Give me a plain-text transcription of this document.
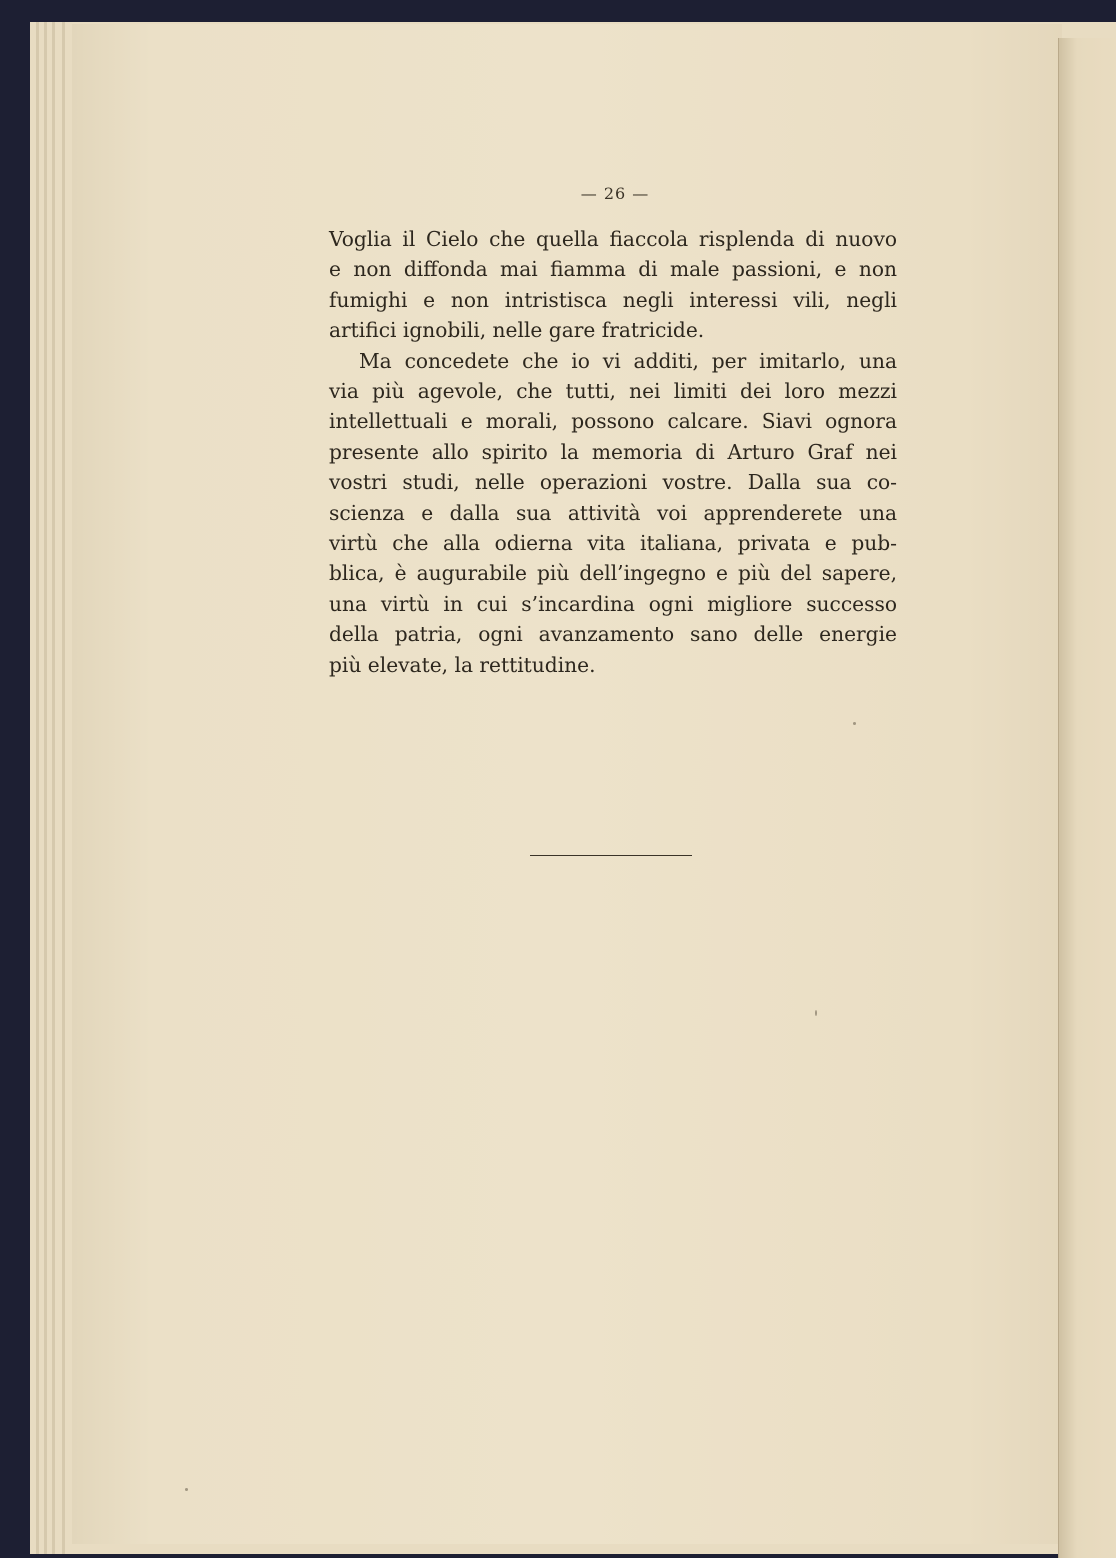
— 26 —

Voglia il Cielo che quella fiaccola risplenda di nuovo
e non diffonda mai fiamma di male passioni, e non
fumighi e non intristisca negli interessi vili, negli
artifici ignobili, nelle gare fratricide.

Ma concedete che io vi additi, per imitarlo, una
via più agevole, che tutti, nei limiti dei loro mezzi
intellettuali e morali, possono calcare. Siavi ognora
presente allo spirito la memoria di Arturo Graf nei
vostri studi, nelle operazioni vostre. Dalla sua co-
scienza e dalla sua attività voi apprenderete una
virtù che alla odierna vita italiana, privata e pub-
blica, è augurabile più dell’ingegno e più del sapere,
una virtù in cui s’incardina ogni migliore successo
della patria, ogni avanzamento sano delle energie
più elevate, la rettitudine.
